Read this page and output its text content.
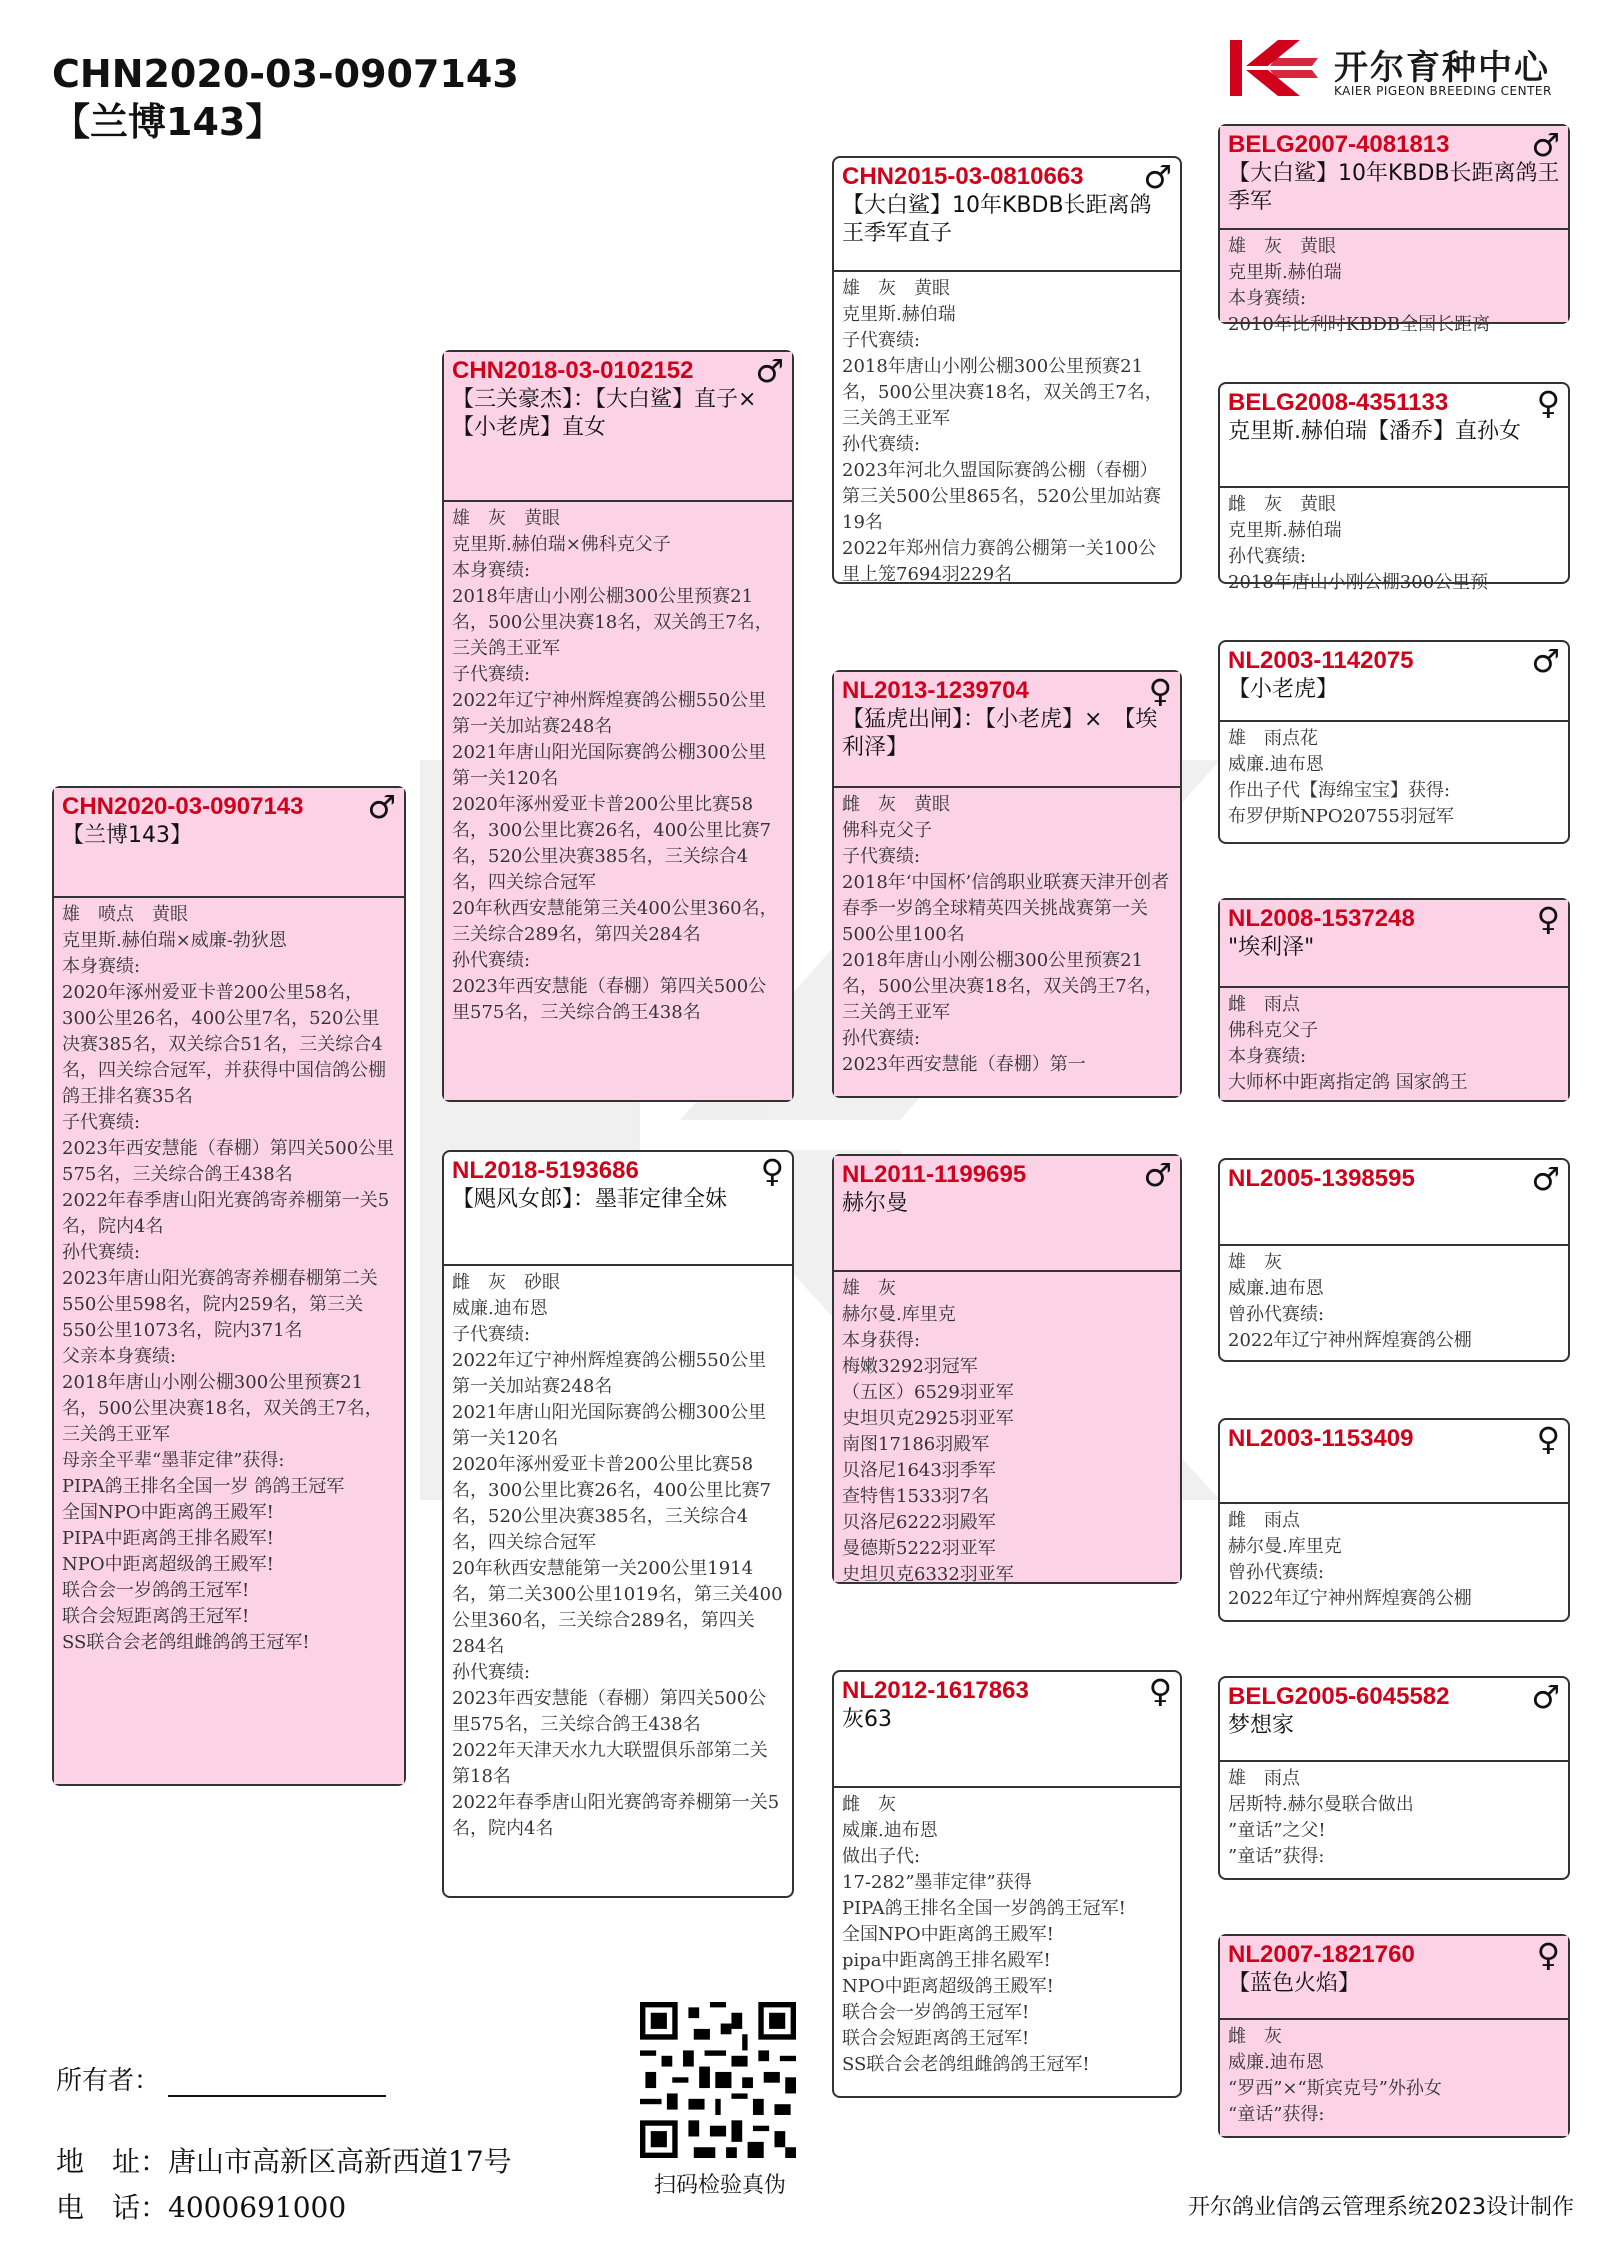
CHN2020-03-0907143
【兰博143】
开尔育种中心
KAIER PIGEON BREEDING CENTER
CHN2020-03-0907143	♂
【兰博143】
雄　喷点　黄眼
克里斯.赫伯瑞×威廉-勃狄恩
本身赛绩:
2020年涿州爱亚卡普200公里58名，300公里26名，400公里7名，520公里决赛385名，双关综合51名，三关综合4名，四关综合冠军，并获得中国信鸽公棚鸽王排名赛35名
子代赛绩:
2023年西安慧能（春棚）第四关500公里575名，三关综合鸽王438名
2022年春季唐山阳光赛鸽寄养棚第一关5名，院内4名
孙代赛绩:
2023年唐山阳光赛鸽寄养棚春棚第二关550公里598名，院内259名，第三关550公里1073名，院内371名
父亲本身赛绩:
2018年唐山小刚公棚300公里预赛21名，500公里决赛18名，双关鸽王7名，三关鸽王亚军
母亲全平辈“墨菲定律”获得:
PIPA鸽王排名全国一岁 鸽鸽王冠军
全国NPO中距离鸽王殿军!
PIPA中距离鸽王排名殿军!
NPO中距离超级鸽王殿军!
联合会一岁鸽鸽王冠军!
联合会短距离鸽王冠军!
SS联合会老鸽组雌鸽鸽王冠军!
CHN2018-03-0102152	♂
【三关豪杰】：【大白鲨】直子×【小老虎】直女
雄　灰　黄眼
克里斯.赫伯瑞×佛科克父子
本身赛绩:
2018年唐山小刚公棚300公里预赛21名，500公里决赛18名，双关鸽王7名，三关鸽王亚军
子代赛绩:
2022年辽宁神州辉煌赛鸽公棚550公里第一关加站赛248名
2021年唐山阳光国际赛鸽公棚300公里第一关120名
2020年涿州爱亚卡普200公里比赛58名，300公里比赛26名，400公里比赛7名，520公里决赛385名，三关综合4名，四关综合冠军
20年秋西安慧能第三关400公里360名，三关综合289名，第四关284名
孙代赛绩:
2023年西安慧能（春棚）第四关500公里575名，三关综合鸽王438名
NL2018-5193686	♀
【飓风女郎】：墨菲定律全妹
雌　灰　砂眼
威廉.迪布恩
子代赛绩:
2022年辽宁神州辉煌赛鸽公棚550公里第一关加站赛248名
2021年唐山阳光国际赛鸽公棚300公里第一关120名
2020年涿州爱亚卡普200公里比赛58名，300公里比赛26名，400公里比赛7名，520公里决赛385名，三关综合4名，四关综合冠军
20年秋西安慧能第一关200公里1914名，第二关300公里1019名，第三关400公里360名，三关综合289名，第四关284名
孙代赛绩:
2023年西安慧能（春棚）第四关500公里575名，三关综合鸽王438名
2022年天津天水九大联盟俱乐部第二关第18名
2022年春季唐山阳光赛鸽寄养棚第一关5名，院内4名
CHN2015-03-0810663	♂
【大白鲨】10年KBDB长距离鸽王季军直子
雄　灰　黄眼
克里斯.赫伯瑞
子代赛绩:
2018年唐山小刚公棚300公里预赛21名，500公里决赛18名，双关鸽王7名，三关鸽王亚军
孙代赛绩:
2023年河北久盟国际赛鸽公棚（春棚）第三关500公里865名，520公里加站赛19名
2022年郑州信力赛鸽公棚第一关100公里上笼7694羽229名
NL2013-1239704	♀
【猛虎出闸】：【小老虎】×　【埃利泽】
雌　灰　黄眼
佛科克父子
子代赛绩:
2018年‘中国杯’信鸽职业联赛天津开创者春季一岁鸽全球精英四关挑战赛第一关500公里100名
2018年唐山小刚公棚300公里预赛21名，500公里决赛18名，双关鸽王7名，三关鸽王亚军
孙代赛绩:
2023年西安慧能（春棚）第一
NL2011-1199695	♂
赫尔曼
雄　灰
赫尔曼.库里克
本身获得:
梅嫩3292羽冠军
（五区）6529羽亚军
史坦贝克2925羽亚军
南图17186羽殿军
贝洛尼1643羽季军
查特售1533羽7名
贝洛尼6222羽殿军
曼德斯5222羽亚军
史坦贝克6332羽亚军
NL2012-1617863	♀
灰63
雌　灰
威廉.迪布恩
做出子代:
17-282”墨菲定律”获得
PIPA鸽王排名全国一岁鸽鸽王冠军!
全国NPO中距离鸽王殿军!
pipa中距离鸽王排名殿军!
NPO中距离超级鸽王殿军!
联合会一岁鸽鸽王冠军!
联合会短距离鸽王冠军!
SS联合会老鸽组雌鸽鸽王冠军!
BELG2007-4081813	♂
【大白鲨】10年KBDB长距离鸽王季军
雄　灰　黄眼
克里斯.赫伯瑞
本身赛绩:
2010年比利时KBDB全国长距离
BELG2008-4351133	♀
克里斯.赫伯瑞【潘乔】直孙女
雌　灰　黄眼
克里斯.赫伯瑞
孙代赛绩:
2018年唐山小刚公棚300公里预
NL2003-1142075	♂
【小老虎】
雄　雨点花
威廉.迪布恩
作出子代【海绵宝宝】获得:
布罗伊斯NPO20755羽冠军
NL2008-1537248	♀
"埃利泽"
雌　雨点
佛科克父子
本身赛绩:
大师杯中距离指定鸽 国家鸽王
NL2005-1398595	♂
雄　灰
威廉.迪布恩
曾孙代赛绩:
2022年辽宁神州辉煌赛鸽公棚
NL2003-1153409	♀
雌　雨点
赫尔曼.库里克
曾孙代赛绩:
2022年辽宁神州辉煌赛鸽公棚
BELG2005-6045582	♂
梦想家
雄　雨点
居斯特.赫尔曼联合做出
”童话”之父!
”童话”获得:
NL2007-1821760	♀
【蓝色火焰】
雌　灰
威廉.迪布恩
“罗西”×“斯宾克号”外孙女
“童话”获得:
所有者：
地　址：唐山市高新区高新西道17号
电　话：4000691000
扫码检验真伪
开尔鸽业信鸽云管理系统2023设计制作
